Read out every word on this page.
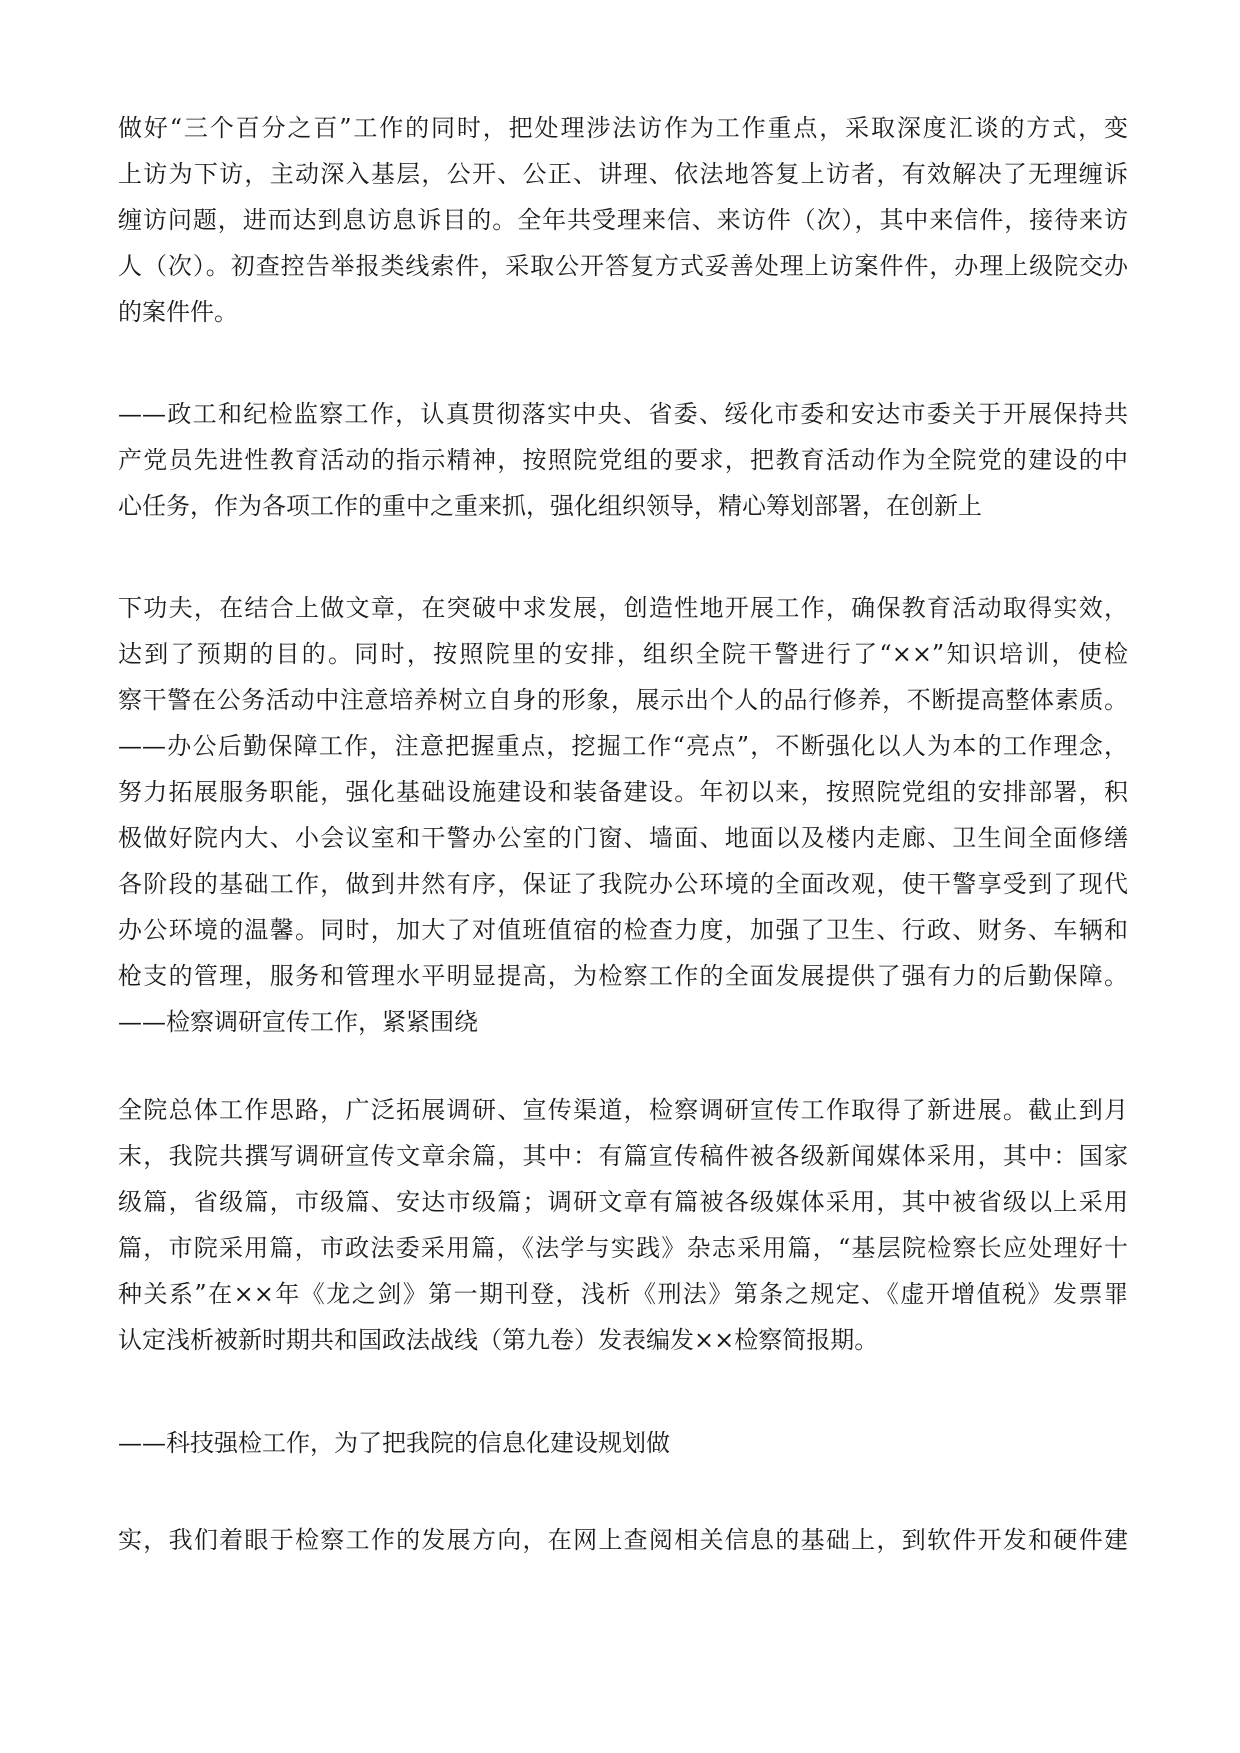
做好“三个百分之百”工作的同时，把处理涉法访作为工作重点，采取深度汇谈的方式，变
上访为下访，主动深入基层，公开、公正、讲理、依法地答复上访者，有效解决了无理缠诉
缠访问题，进而达到息访息诉目的。全年共受理来信、来访件（次），其中来信件，接待来访
人（次）。初查控告举报类线索件，采取公开答复方式妥善处理上访案件件，办理上级院交办
的案件件。
——政工和纪检监察工作，认真贯彻落实中央、省委、绥化市委和安达市委关于开展保持共
产党员先进性教育活动的指示精神，按照院党组的要求，把教育活动作为全院党的建设的中
心任务，作为各项工作的重中之重来抓，强化组织领导，精心筹划部署，在创新上
下功夫，在结合上做文章，在突破中求发展，创造性地开展工作，确保教育活动取得实效，
达到了预期的目的。同时，按照院里的安排，组织全院干警进行了“××”知识培训，使检
察干警在公务活动中注意培养树立自身的形象，展示出个人的品行修养，不断提高整体素质。
——办公后勤保障工作，注意把握重点，挖掘工作“亮点”，不断强化以人为本的工作理念，
努力拓展服务职能，强化基础设施建设和装备建设。年初以来，按照院党组的安排部署，积
极做好院内大、小会议室和干警办公室的门窗、墙面、地面以及楼内走廊、卫生间全面修缮
各阶段的基础工作，做到井然有序，保证了我院办公环境的全面改观，使干警享受到了现代
办公环境的温馨。同时，加大了对值班值宿的检查力度，加强了卫生、行政、财务、车辆和
枪支的管理，服务和管理水平明显提高，为检察工作的全面发展提供了强有力的后勤保障。
——检察调研宣传工作，紧紧围绕
全院总体工作思路，广泛拓展调研、宣传渠道，检察调研宣传工作取得了新进展。截止到月
末，我院共撰写调研宣传文章余篇，其中：有篇宣传稿件被各级新闻媒体采用，其中：国家
级篇，省级篇，市级篇、安达市级篇；调研文章有篇被各级媒体采用，其中被省级以上采用
篇，市院采用篇，市政法委采用篇，《法学与实践》杂志采用篇，“基层院检察长应处理好十
种关系”在××年《龙之剑》第一期刊登，浅析《刑法》第条之规定、《虚开增值税》发票罪
认定浅析被新时期共和国政法战线（第九卷）发表编发××检察简报期。
——科技强检工作，为了把我院的信息化建设规划做
实，我们着眼于检察工作的发展方向，在网上查阅相关信息的基础上，到软件开发和硬件建
